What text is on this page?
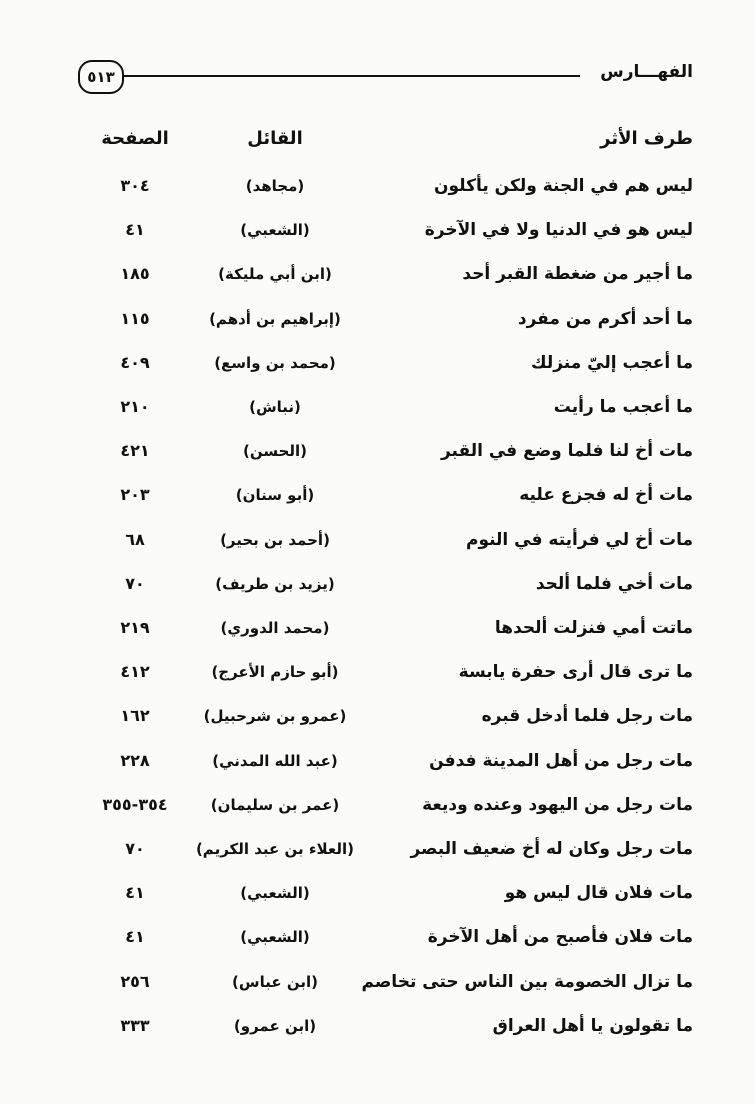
٥١٣	الفهـــارس
طرف الأثر
القائل
الصفحة
ليس هم في الجنة ولكن يأكلون
(مجاهد)
٣٠٤
ليس هو في الدنيا ولا في الآخرة
(الشعبي)
٤١
ما أجير من ضغطة القبر أحد
(ابن أبي مليكة)
١٨٥
ما أحد أكرم من مفرد
(إبراهيم بن أدهم)
١١٥
ما أعجب إليّ منزلك
(محمد بن واسع)
٤٠٩
ما أعجب ما رأيت
(نباش)
٢١٠
مات أخ لنا فلما وضع في القبر
(الحسن)
٤٢١
مات أخ له فجزع عليه
(أبو سنان)
٢٠٣
مات أخ لي فرأيته في النوم
(أحمد بن بحير)
٦٨
مات أخي فلما ألحد
(يزيد بن طريف)
٧٠
ماتت أمي فنزلت ألحدها
(محمد الدوري)
٢١٩
ما ترى قال أرى حفرة يابسة
(أبو حازم الأعرج)
٤١٢
مات رجل فلما أدخل قبره
(عمرو بن شرحبيل)
١٦٢
مات رجل من أهل المدينة فدفن
(عبد الله المدني)
٢٢٨
مات رجل من اليهود وعنده وديعة
(عمر بن سليمان)
٣٥٤-٣٥٥
مات رجل وكان له أخ ضعيف البصر
(العلاء بن عبد الكريم)
٧٠
مات فلان قال ليس هو
(الشعبي)
٤١
مات فلان فأصبح من أهل الآخرة
(الشعبي)
٤١
ما تزال الخصومة بين الناس حتى تخاصم
(ابن عباس)
٢٥٦
ما تقولون يا أهل العراق
(ابن عمرو)
٣٣٣
